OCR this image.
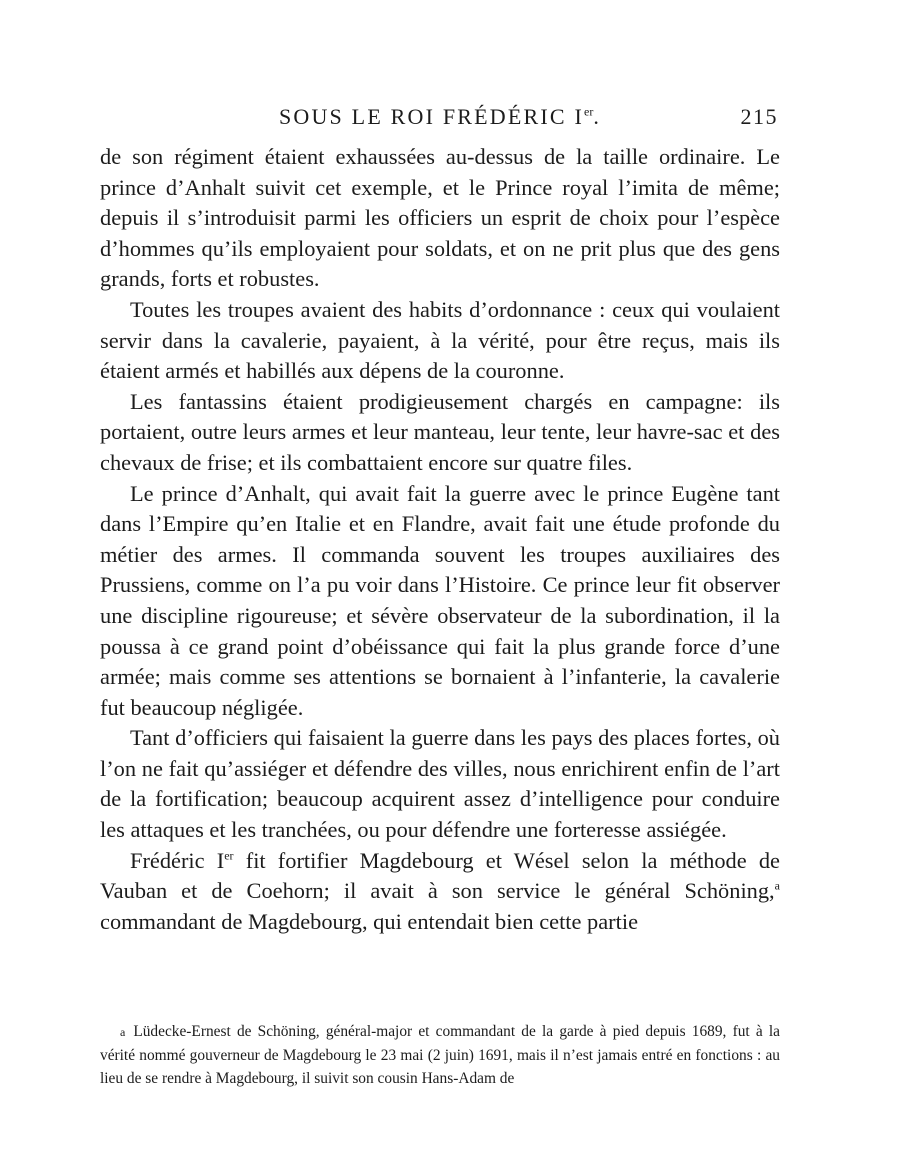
SOUS LE ROI FRÉDÉRIC Ier.	215

de son régiment étaient exhaussées au-dessus de la taille ordinaire. Le prince d’Anhalt suivit cet exemple, et le Prince royal l’imita de même; depuis il s’introduisit parmi les officiers un esprit de choix pour l’espèce d’hommes qu’ils employaient pour soldats, et on ne prit plus que des gens grands, forts et robustes.

Toutes les troupes avaient des habits d’ordonnance : ceux qui voulaient servir dans la cavalerie, payaient, à la vérité, pour être reçus, mais ils étaient armés et habillés aux dépens de la couronne.

Les fantassins étaient prodigieusement chargés en campagne: ils portaient, outre leurs armes et leur manteau, leur tente, leur havre-sac et des chevaux de frise; et ils combattaient encore sur quatre files.

Le prince d’Anhalt, qui avait fait la guerre avec le prince Eugène tant dans l’Empire qu’en Italie et en Flandre, avait fait une étude profonde du métier des armes. Il commanda souvent les troupes auxiliaires des Prussiens, comme on l’a pu voir dans l’Histoire. Ce prince leur fit observer une discipline rigoureuse; et sévère observateur de la subordination, il la poussa à ce grand point d’obéissance qui fait la plus grande force d’une armée; mais comme ses attentions se bornaient à l’infanterie, la cavalerie fut beaucoup négligée.

Tant d’officiers qui faisaient la guerre dans les pays des places fortes, où l’on ne fait qu’assiéger et défendre des villes, nous enrichirent enfin de l’art de la fortification; beaucoup acquirent assez d’intelligence pour conduire les attaques et les tranchées, ou pour défendre une forteresse assiégée.

Frédéric Ier fit fortifier Magdebourg et Wésel selon la méthode de Vauban et de Coehorn; il avait à son service le général Schöning,$^a$ commandant de Magdebourg, qui entendait bien cette partie

a Lüdecke-Ernest de Schöning, général-major et commandant de la garde à pied depuis 1689, fut à la vérité nommé gouverneur de Magdebourg le 23 mai (2 juin) 1691, mais il n’est jamais entré en fonctions : au lieu de se rendre à Magdebourg, il suivit son cousin Hans-Adam de
